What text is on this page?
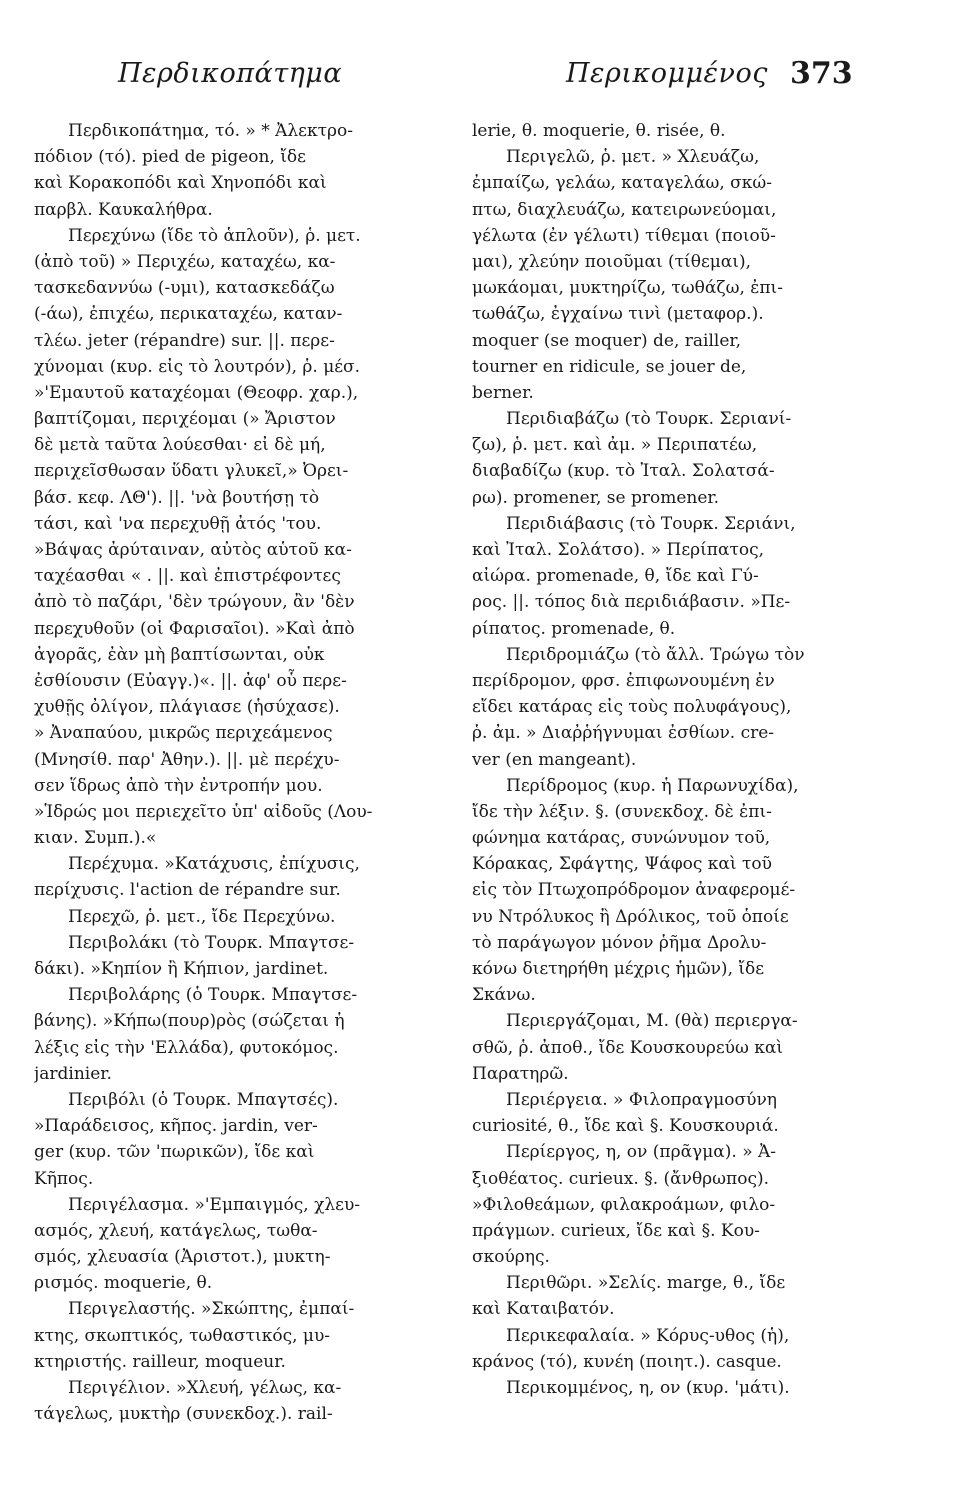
Περδικοπάτημα	Περικομμένος 373
Περδικοπάτημα, τό. » * Ἀλεκτρο-
πόδιον (τό). pied de pigeon, ἴδε
καὶ Κορακοπόδι καὶ Χηνοπόδι καὶ
παρβλ. Καυκαλήθρα.
Περεχύνω (ἴδε τὸ ἁπλοῦν), ῥ. μετ.
(ἀπὸ τοῦ) » Περιχέω, καταχέω, κα-
τασκεδαννύω (-υμι), κατασκεδάζω
(-άω), ἐπιχέω, περικαταχέω, καταν-
τλέω. jeter (répandre) sur. ||. περε-
χύνομαι (κυρ. εἰς τὸ λουτρόν), ῥ. μέσ.
»'Εμαυτοῦ καταχέομαι (Θεοφρ. χαρ.),
βαπτίζομαι, περιχέομαι (» Ἄριστον
δὲ μετὰ ταῦτα λούεσθαι· εἰ δὲ μή,
περιχεῖσθωσαν ὕδατι γλυκεῖ,» Ὀρει-
βάσ. κεφ. ΛΘ'). ||. 'νὰ βουτήσῃ τὸ
τάσι, καὶ 'να περεχυθῇ ἀτός 'του.
»Βάψας ἀρύταιναν, αὐτὸς αὑτοῦ κα-
ταχέασθαι « . ||. καὶ ἐπιστρέφοντες
ἀπὸ τὸ παζάρι, 'δὲν τρώγουν, ἂν 'δὲν
περεχυθοῦν (οἱ Φαρισαῖοι). »Καὶ ἀπὸ
ἀγορᾶς, ἐὰν μὴ βαπτίσωνται, οὐκ
ἐσθίουσιν (Εὐαγγ.)«. ||. ἀφ' οὗ περε-
χυθῇς ὀλίγον, πλάγιασε (ἡσύχασε).
» Ἀναπαύου, μικρῶς περιχεάμενος
(Μνησίθ. παρ' Ἀθην.). ||. μὲ περέχυ-
σεν ἵδρως ἀπὸ τὴν ἐντροπήν μου.
»Ἱδρώς μοι περιεχεῖτο ὑπ' αἰδοῦς (Λου-
κιαν. Συμπ.).«
Περέχυμα. »Κατάχυσις, ἐπίχυσις,
περίχυσις. l'action de répandre sur.
Περεχῶ, ῥ. μετ., ἴδε Περεχύνω.
Περιβολάκι (τὸ Τουρκ. Μπαγτσε-
δάκι). »Κηπίον ἢ Κήπιον, jardinet.
Περιβολάρης (ὁ Τουρκ. Μπαγτσε-
βάνης). »Κήπω(πουρ)ρὸς (σώζεται ἡ
λέξις εἰς τὴν 'Ελλάδα), φυτοκόμος.
jardinier.
Περιβόλι (ὁ Τουρκ. Μπαγτσές).
»Παράδεισος, κῆπος. jardin, ver-
ger (κυρ. τῶν 'πωρικῶν), ἴδε καὶ
Κῆπος.
Περιγέλασμα. »'Εμπαιγμός, χλευ-
ασμός, χλευή, κατάγελως, τωθα-
σμός, χλευασία (Ἀριστοτ.), μυκτη-
ρισμός. moquerie, θ.
Περιγελαστής. »Σκώπτης, ἐμπαί-
κτης, σκωπτικός, τωθαστικός, μυ-
κτηριστής. railleur, moqueur.
Περιγέλιον. »Χλευή, γέλως, κα-
τάγελως, μυκτὴρ (συνεκδοχ.). rail-
lerie, θ. moquerie, θ. risée, θ.
Περιγελῶ, ῥ. μετ. » Χλευάζω,
ἐμπαίζω, γελάω, καταγελάω, σκώ-
πτω, διαχλευάζω, κατειρωνεύομαι,
γέλωτα (ἐν γέλωτι) τίθεμαι (ποιοῦ-
μαι), χλεύην ποιοῦμαι (τίθεμαι),
μωκάομαι, μυκτηρίζω, τωθάζω, ἐπι-
τωθάζω, ἐγχαίνω τινὶ (μεταφορ.).
moquer (se moquer) de, railler,
tourner en ridicule, se jouer de,
berner.
Περιδιαβάζω (τὸ Τουρκ. Σεριανί-
ζω), ῥ. μετ. καὶ ἀμ. » Περιπατέω,
διαβαδίζω (κυρ. τὸ Ἰταλ. Σολατσά-
ρω). promener, se promener.
Περιδιάβασις (τὸ Τουρκ. Σεριάνι,
καὶ Ἰταλ. Σολάτσο). » Περίπατος,
αἰώρα. promenade, θ, ἴδε καὶ Γύ-
ρος. ||. τόπος διὰ περιδιάβασιν. »Πε-
ρίπατος. promenade, θ.
Περιδρομιάζω (τὸ ἄλλ. Τρώγω τὸν
περίδρομον, φρσ. ἐπιφωνουμένη ἐν
εἴδει κατάρας εἰς τοὺς πολυφάγους),
ῥ. ἀμ. » Διαῤῥήγνυμαι ἐσθίων. cre-
ver (en mangeant).
Περίδρομος (κυρ. ἡ Παρωνυχίδα),
ἴδε τὴν λέξιν. §. (συνεκδοχ. δὲ ἐπι-
φώνημα κατάρας, συνώνυμον τοῦ,
Κόρακας, Σφάγτης, Ψάφος καὶ τοῦ
εἰς τὸν Πτωχοπρόδρομον ἀναφερομέ-
νυ Ντρόλυκος ἢ Δρόλικος, τοῦ ὁποίε
τὸ παράγωγον μόνον ῥῆμα Δρολυ-
κόνω διετηρήθη μέχρις ἡμῶν), ἴδε
Σκάνω.
Περιεργάζομαι, Μ. (θὰ) περιεργα-
σθῶ, ῥ. ἀποθ., ἴδε Κουσκουρεύω καὶ
Παρατηρῶ.
Περιέργεια. » Φιλοπραγμοσύνη
curiosité, θ., ἴδε καὶ §. Κουσκουριά.
Περίεργος, η, ον (πρᾶγμα). » Ἀ-
ξιοθέατος. curieux. §. (ἄνθρωπος).
»Φιλοθεάμων, φιλακροάμων, φιλο-
πράγμων. curieux, ἴδε καὶ §. Κου-
σκούρης.
Περιθῶρι. »Σελίς. marge, θ., ἴδε
καὶ Καταιβατόν.
Περικεφαλαία. » Κόρυς-υθος (ἡ),
κράνος (τό), κυνέη (ποιητ.). casque.
Περικομμένος, η, ον (κυρ. 'μάτι).
